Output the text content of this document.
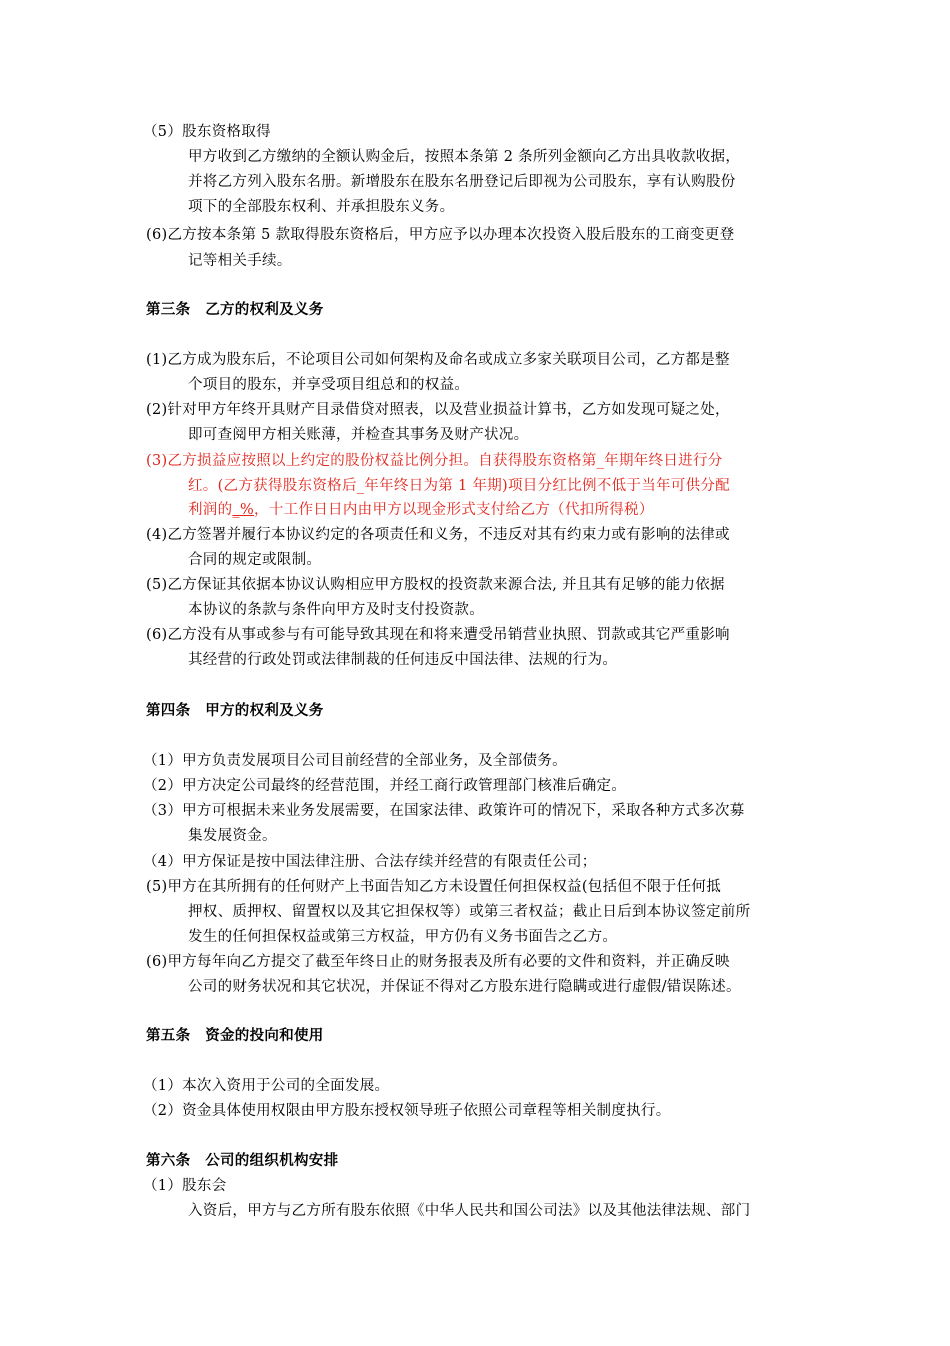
（5）股东资格取得
甲方收到乙方缴纳的全额认购金后，按照本条第 2 条所列金额向乙方出具收款收据，
并将乙方列入股东名册。新增股东在股东名册登记后即视为公司股东，享有认购股份
项下的全部股东权利、并承担股东义务。
(6)乙方按本条第 5 款取得股东资格后，甲方应予以办理本次投资入股后股东的工商变更登
记等相关手续。
第三条　乙方的权利及义务
(1)乙方成为股东后，不论项目公司如何架构及命名或成立多家关联项目公司，乙方都是整
个项目的股东，并享受项目组总和的权益。
(2)针对甲方年终开具财产目录借贷对照表，以及营业损益计算书，乙方如发现可疑之处，
即可查阅甲方相关账薄，并检查其事务及财产状况。
(3)乙方损益应按照以上约定的股份权益比例分担。自获得股东资格第_年期年终日进行分
红。(乙方获得股东资格后_年年终日为第 1 年期)项目分红比例不低于当年可供分配
利润的_%，十工作日日内由甲方以现金形式支付给乙方（代扣所得税）
(4)乙方签署并履行本协议约定的各项责任和义务，不违反对其有约束力或有影响的法律或
合同的规定或限制。
(5)乙方保证其依据本协议认购相应甲方股权的投资款来源合法, 并且其有足够的能力依据
本协议的条款与条件向甲方及时支付投资款。
(6)乙方没有从事或参与有可能导致其现在和将来遭受吊销营业执照、罚款或其它严重影响
其经营的行政处罚或法律制裁的任何违反中国法律、法规的行为。
第四条　甲方的权利及义务
（1）甲方负责发展项目公司目前经营的全部业务，及全部债务。
（2）甲方决定公司最终的经营范围，并经工商行政管理部门核准后确定。
（3）甲方可根据未来业务发展需要，在国家法律、政策许可的情况下，采取各种方式多次募
集发展资金。
（4）甲方保证是按中国法律注册、合法存续并经营的有限责任公司；
(5)甲方在其所拥有的任何财产上书面告知乙方未设置任何担保权益(包括但不限于任何抵
押权、质押权、留置权以及其它担保权等）或第三者权益；截止日后到本协议签定前所
发生的任何担保权益或第三方权益，甲方仍有义务书面告之乙方。
(6)甲方每年向乙方提交了截至年终日止的财务报表及所有必要的文件和资料，并正确反映
公司的财务状况和其它状况，并保证不得对乙方股东进行隐瞒或进行虚假/错误陈述。
第五条　资金的投向和使用
（1）本次入资用于公司的全面发展。
（2）资金具体使用权限由甲方股东授权领导班子依照公司章程等相关制度执行。
第六条　公司的组织机构安排
（1）股东会
入资后，甲方与乙方所有股东依照《中华人民共和国公司法》以及其他法律法规、部门
